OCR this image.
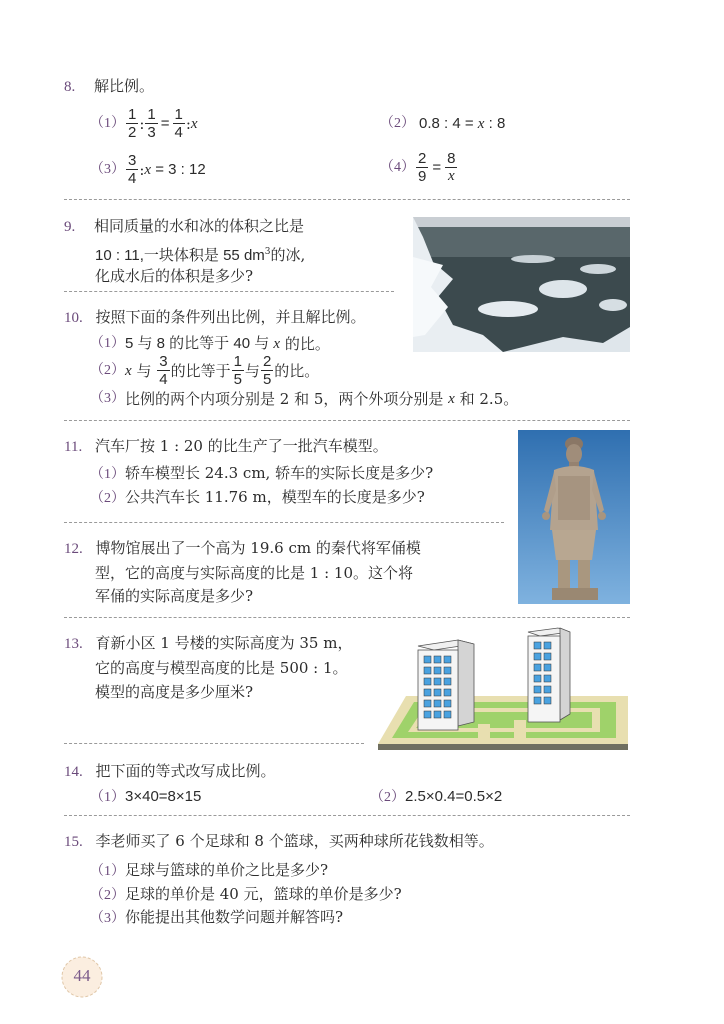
8. 解比例。
$(1) \frac{1}{2}$ : $\frac{1}{3} = \frac{1}{4}$ : x	（2） 0.8 : 4 = x : 8
$(3) \frac{3}{4}$ : x = 3 : 12	$(4) \frac{2}{9} = \frac{8}{x}$
9. 相同质量的水和冰的体积之比是
10 : 11,一块体积是 55 $dm^3$的冰,
化成水后的体积是多少?
10. 按照下面的条件列出比例，并且解比例。
（1） 5 与 8 的比等于 40 与 x 的比。
（2） x 与 $\frac{3}{4}$ 的比等于 $\frac{1}{5}$ 与 $\frac{2}{5}$ 的比。
（3） 比例的两个内项分别是 2 和 5，两个外项分别是 x 和 2.5。
11. 汽车厂按 1 : 20 的比生产了一批汽车模型。
（1）轿车模型长 24.3 cm, 轿车的实际长度是多少?
（2）公共汽车长 11.76 m，模型车的长度是多少?
12. 博物馆展出了一个高为 19.6 cm 的秦代将军俑模
型，它的高度与实际高度的比是 1 : 10。这个将
军俑的实际高度是多少?
13. 育新小区 1 号楼的实际高度为 35 m，
它的高度与模型高度的比是 500 : 1。
模型的高度是多少厘米?
14. 把下面的等式改写成比例。
（1）3×40=8×15	（2）2.5×0.4=0.5×2
15. 李老师买了 6 个足球和 8 个篮球，买两种球所花钱数相等。
（1）足球与篮球的单价之比是多少?
（2）足球的单价是 40 元，篮球的单价是多少?
（3）你能提出其他数学问题并解答吗?
44
